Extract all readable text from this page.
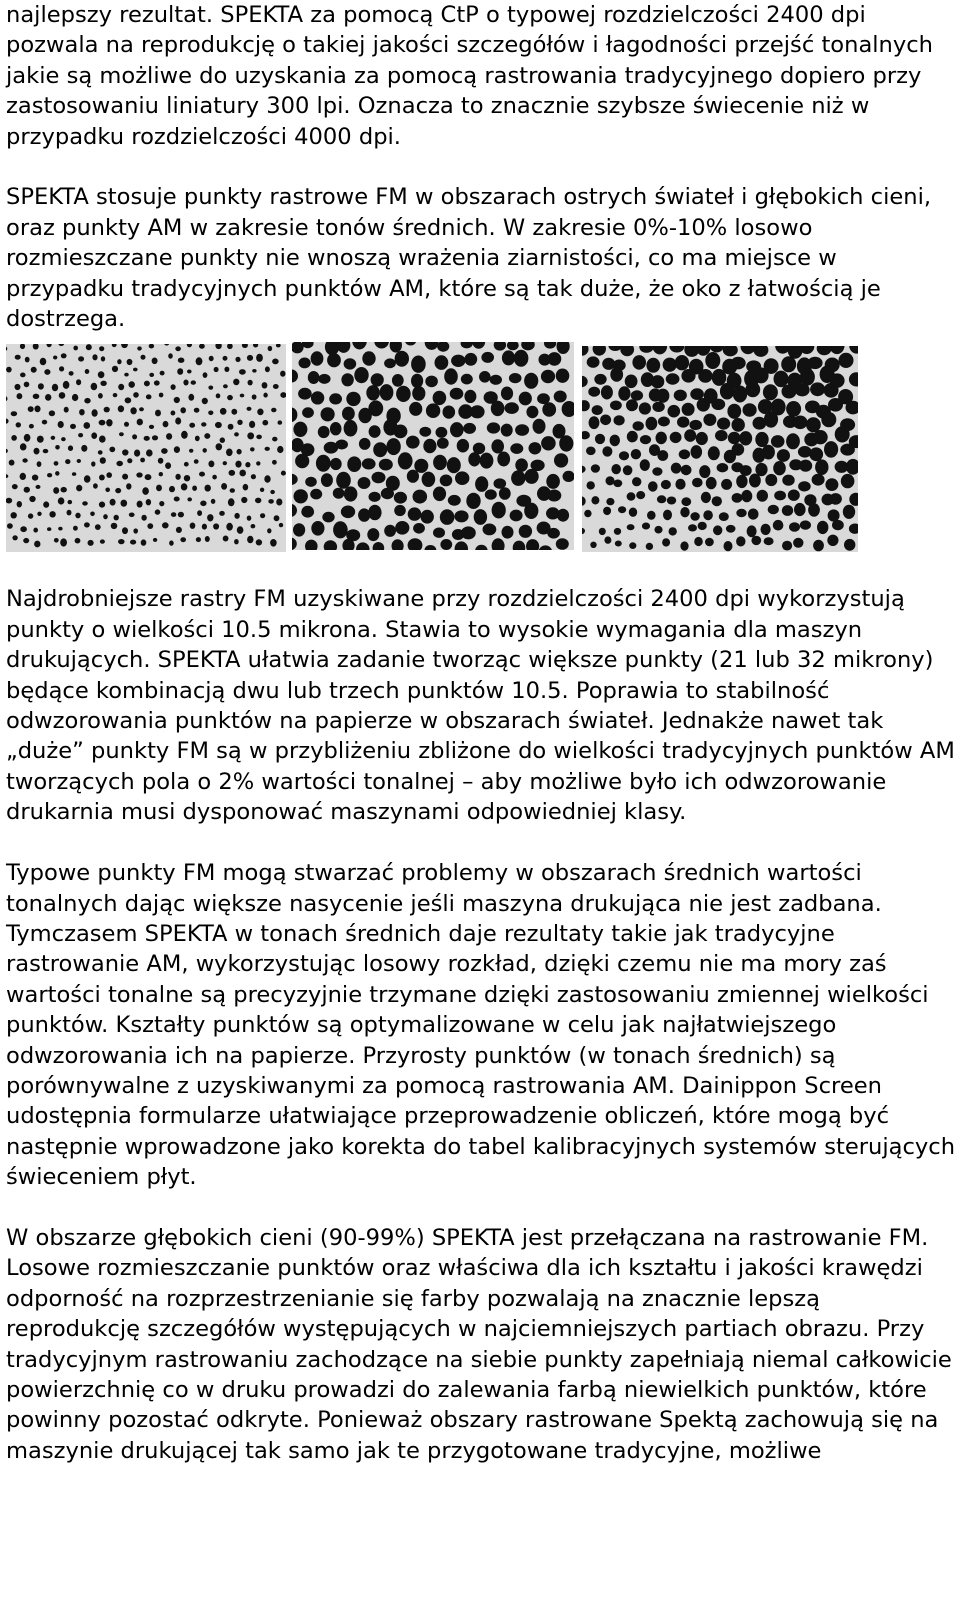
najlepszy rezultat. SPEKTA za pomocą CtP o typowej rozdzielczości 2400 dpi pozwala na reprodukcję o takiej jakości szczegółów i łagodności przejść tonalnych jakie są możliwe do uzyskania za pomocą rastrowania tradycyjnego dopiero przy zastosowaniu liniatury 300 lpi. Oznacza to znacznie szybsze świecenie niż w przypadku rozdzielczości 4000 dpi.

SPEKTA stosuje punkty rastrowe FM w obszarach ostrych świateł i głębokich cieni, oraz punkty AM w zakresie tonów średnich. W zakresie 0%-10% losowo rozmieszczane punkty nie wnoszą wrażenia ziarnistości, co ma miejsce w przypadku tradycyjnych punktów AM, które są tak duże, że oko z łatwością je dostrzega.

Najdrobniejsze rastry FM uzyskiwane przy rozdzielczości 2400 dpi wykorzystują punkty o wielkości 10.5 mikrona. Stawia to wysokie wymagania dla maszyn drukujących. SPEKTA ułatwia zadanie tworząc większe punkty (21 lub 32 mikrony) będące kombinacją dwu lub trzech punktów 10.5. Poprawia to stabilność odwzorowania punktów na papierze w obszarach świateł. Jednakże nawet tak „duże” punkty FM są w przybliżeniu zbliżone do wielkości tradycyjnych punktów AM tworzących pola o 2% wartości tonalnej – aby możliwe było ich odwzorowanie drukarnia musi dysponować maszynami odpowiedniej klasy.

Typowe punkty FM mogą stwarzać problemy w obszarach średnich wartości tonalnych dając większe nasycenie jeśli maszyna drukująca nie jest zadbana. Tymczasem SPEKTA w tonach średnich daje rezultaty takie jak tradycyjne rastrowanie AM, wykorzystując losowy rozkład, dzięki czemu nie ma mory zaś wartości tonalne są precyzyjnie trzymane dzięki zastosowaniu zmiennej wielkości punktów. Kształty punktów są optymalizowane w celu jak najłatwiejszego odwzorowania ich na papierze. Przyrosty punktów (w tonach średnich) są porównywalne z uzyskiwanymi za pomocą rastrowania AM. Dainippon Screen udostępnia formularze ułatwiające przeprowadzenie obliczeń, które mogą być następnie wprowadzone jako korekta do tabel kalibracyjnych systemów sterujących świeceniem płyt.

W obszarze głębokich cieni (90-99%) SPEKTA jest przełączana na rastrowanie FM. Losowe rozmieszczanie punktów oraz właściwa dla ich kształtu i jakości krawędzi odporność na rozprzestrzenianie się farby pozwalają na znacznie lepszą reprodukcję szczegółów występujących w najciemniejszych partiach obrazu. Przy tradycyjnym rastrowaniu zachodzące na siebie punkty zapełniają niemal całkowicie powierzchnię co w druku prowadzi do zalewania farbą niewielkich punktów, które powinny pozostać odkryte. Ponieważ obszary rastrowane Spektą zachowują się na maszynie drukującej tak samo jak te przygotowane tradycyjne, możliwe
